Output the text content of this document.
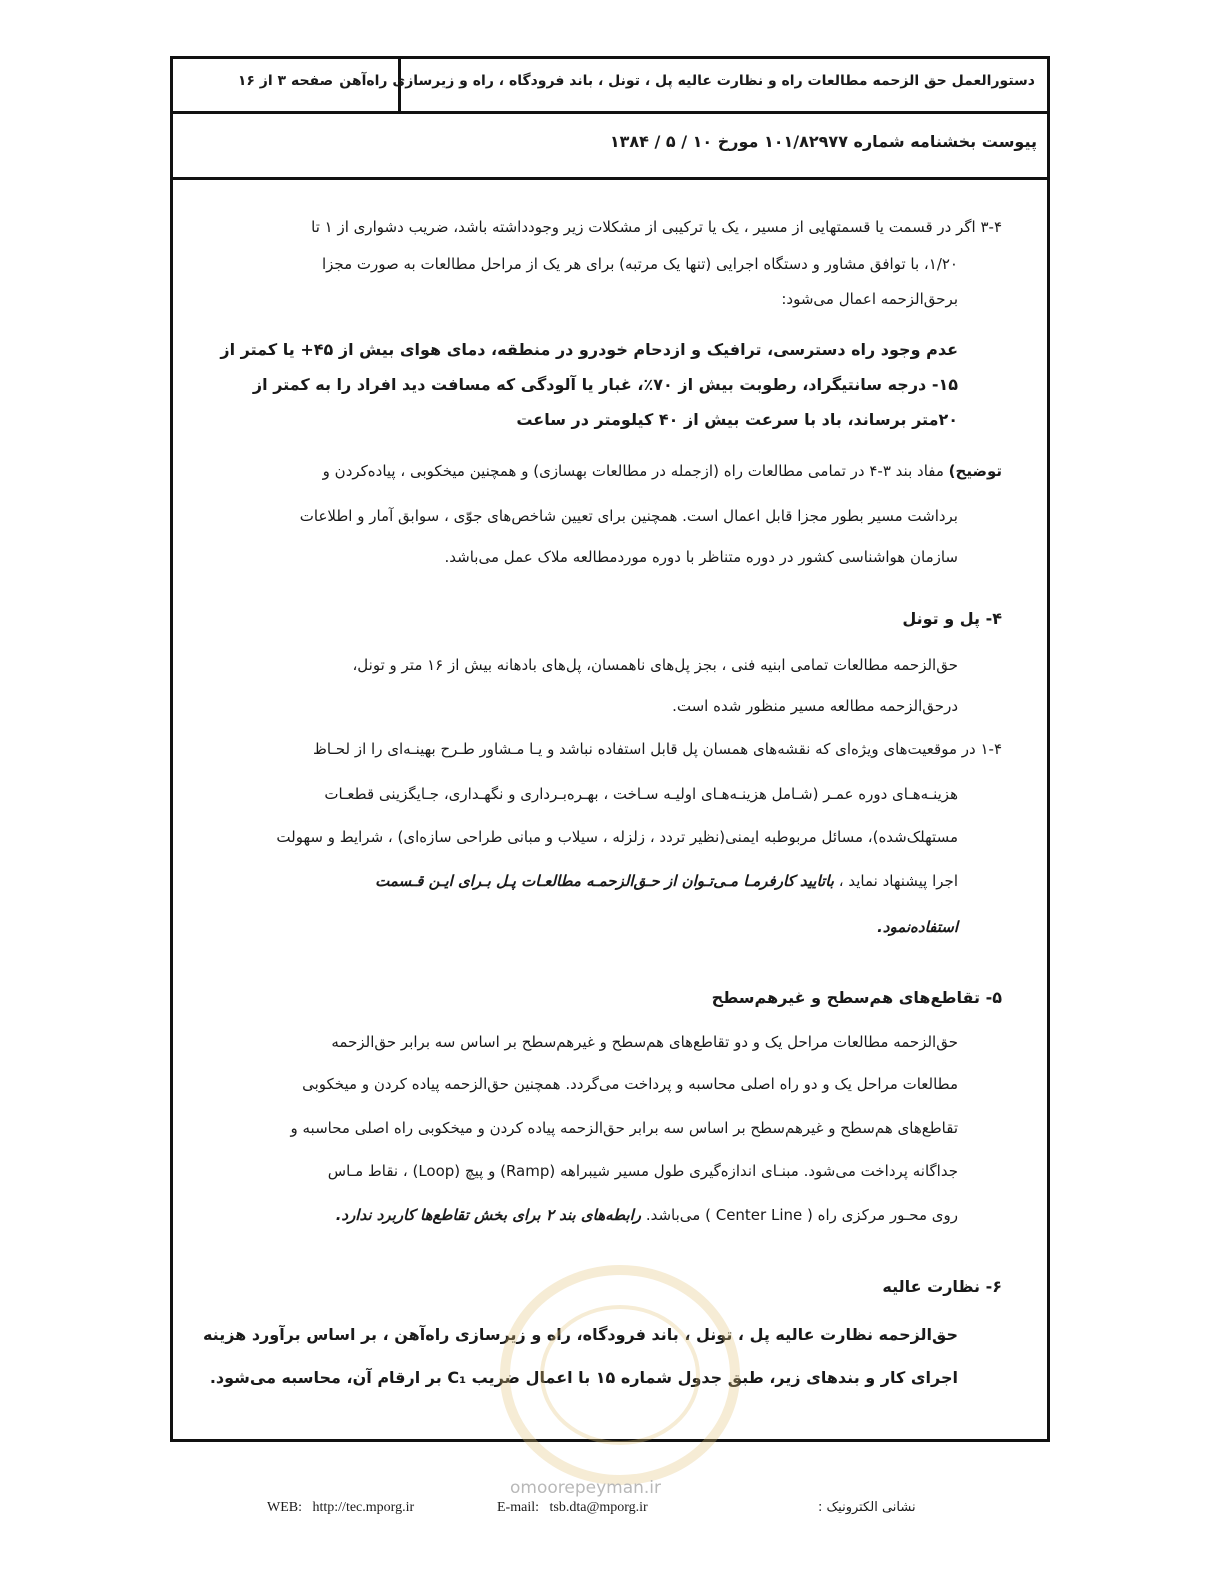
دستورالعمل حق الزحمه مطالعات راه و نظارت عالیه پل ، تونل ، باند فرودگاه ، راه و زیرسازی راه‌آهن
صفحه ۳ از ۱۶
پیوست بخشنامه شماره ۱۰۱/۸۲۹۷۷ مورخ ۱۰ / ۵ / ۱۳۸۴
۳-۴ اگر در قسمت یا قسمتهایی از مسیر ، یک یا ترکیبی از مشکلات زیر وجودداشته باشد، ضریب دشواری از ۱ تا
۱/۲۰، با توافق مشاور و دستگاه اجرایی (تنها یک مرتبه) برای هر یک از مراحل مطالعات به صورت مجزا
برحق‌الزحمه اعمال می‌شود:
عدم وجود راه دسترسی، ترافیک و ازدحام خودرو در منطقه، دمای هوای بیش از ۴۵+ یا کمتر از
۱۵- درجه سانتیگراد، رطوبت بیش از ۷۰٪، غبار یا آلودگی که مسافت دید افراد را به کمتر از
۲۰متر برساند، باد با سرعت بیش از ۴۰ کیلومتر در ساعت
توضیح) مفاد بند ۳-۴ در تمامی مطالعات راه (ازجمله در مطالعات بهسازی) و همچنین میخکوبی ، پیاده‌کردن و
برداشت مسیر بطور مجزا قابل اعمال است. همچنین برای تعیین شاخص‌های جوّی ، سوابق آمار و اطلاعات
سازمان هواشناسی کشور در دوره متناظر با دوره موردمطالعه ملاک عمل می‌باشد.
۴- پل و تونل
حق‌الزحمه مطالعات تمامی ابنیه فنی ، بجز پل‌های ناهمسان، پل‌های بادهانه بیش از ۱۶ متر و تونل،
درحق‌الزحمه مطالعه مسیر منظور شده است.
۱-۴ در موقعیت‌های ویژه‌ای که نقشه‌های همسان پل قابل استفاده نباشد و یـا مـشاور طـرح بهینـه‌ای را از لحـاظ
هزینـه‌هـای دوره عمـر (شـامل هزینـه‌هـای اولیـه سـاخت ، بهـره‌بـرداری و نگهـداری، جـایگزینی قطعـات
مستهلک‌شده)، مسائل مربوطبه ایمنی(نظیر تردد ، زلزله ، سیلاب و مبانی طراحی سازه‌ای) ، شرایط و سهولت
اجرا پیشنهاد نماید ، باتایید کارفرمـا مـی‌تـوان از حـق‌الزحمـه مطالعـات پـل بـرای ایـن قـسمت
استفاده‌نمود.
۵- تقاطع‌های هم‌سطح و غیرهم‌سطح
حق‌الزحمه مطالعات مراحل یک و دو تقاطع‌های هم‌سطح و غیرهم‌سطح بر اساس سه برابر حق‌الزحمه
مطالعات مراحل یک و دو راه اصلی محاسبه و پرداخت می‌گردد. همچنین حق‌الزحمه پیاده کردن و میخکوبی
تقاطع‌های هم‌سطح و غیرهم‌سطح بر اساس سه برابر حق‌الزحمه پیاده کردن و میخکوبی راه اصلی محاسبه و
جداگانه پرداخت می‌شود. مبنـای اندازه‌گیری طول مسیر شیبراهه (Ramp) و پیچ (Loop) ، نقاط مـاس
روی محـور مرکزی راه ( Center Line ) می‌باشد. رابطه‌های بند ۲ برای بخش تقاطع‌ها کاربرد ندارد.
۶- نظارت عالیه
حق‌الزحمه نظارت عالیه پل ، تونل ، باند فرودگاه، راه و زیرسازی راه‌آهن ، بر اساس برآورد هزینه
اجرای کار و بندهای زیر، طبق جدول شماره ۱۵ با اعمال ضریب C₁ بر ارقام آن، محاسبه می‌شود.
omoorepeyman.ir
WEB: http://tec.mporg.ir	E-mail: tsb.dta@mporg.ir	نشانی الکترونیک :
